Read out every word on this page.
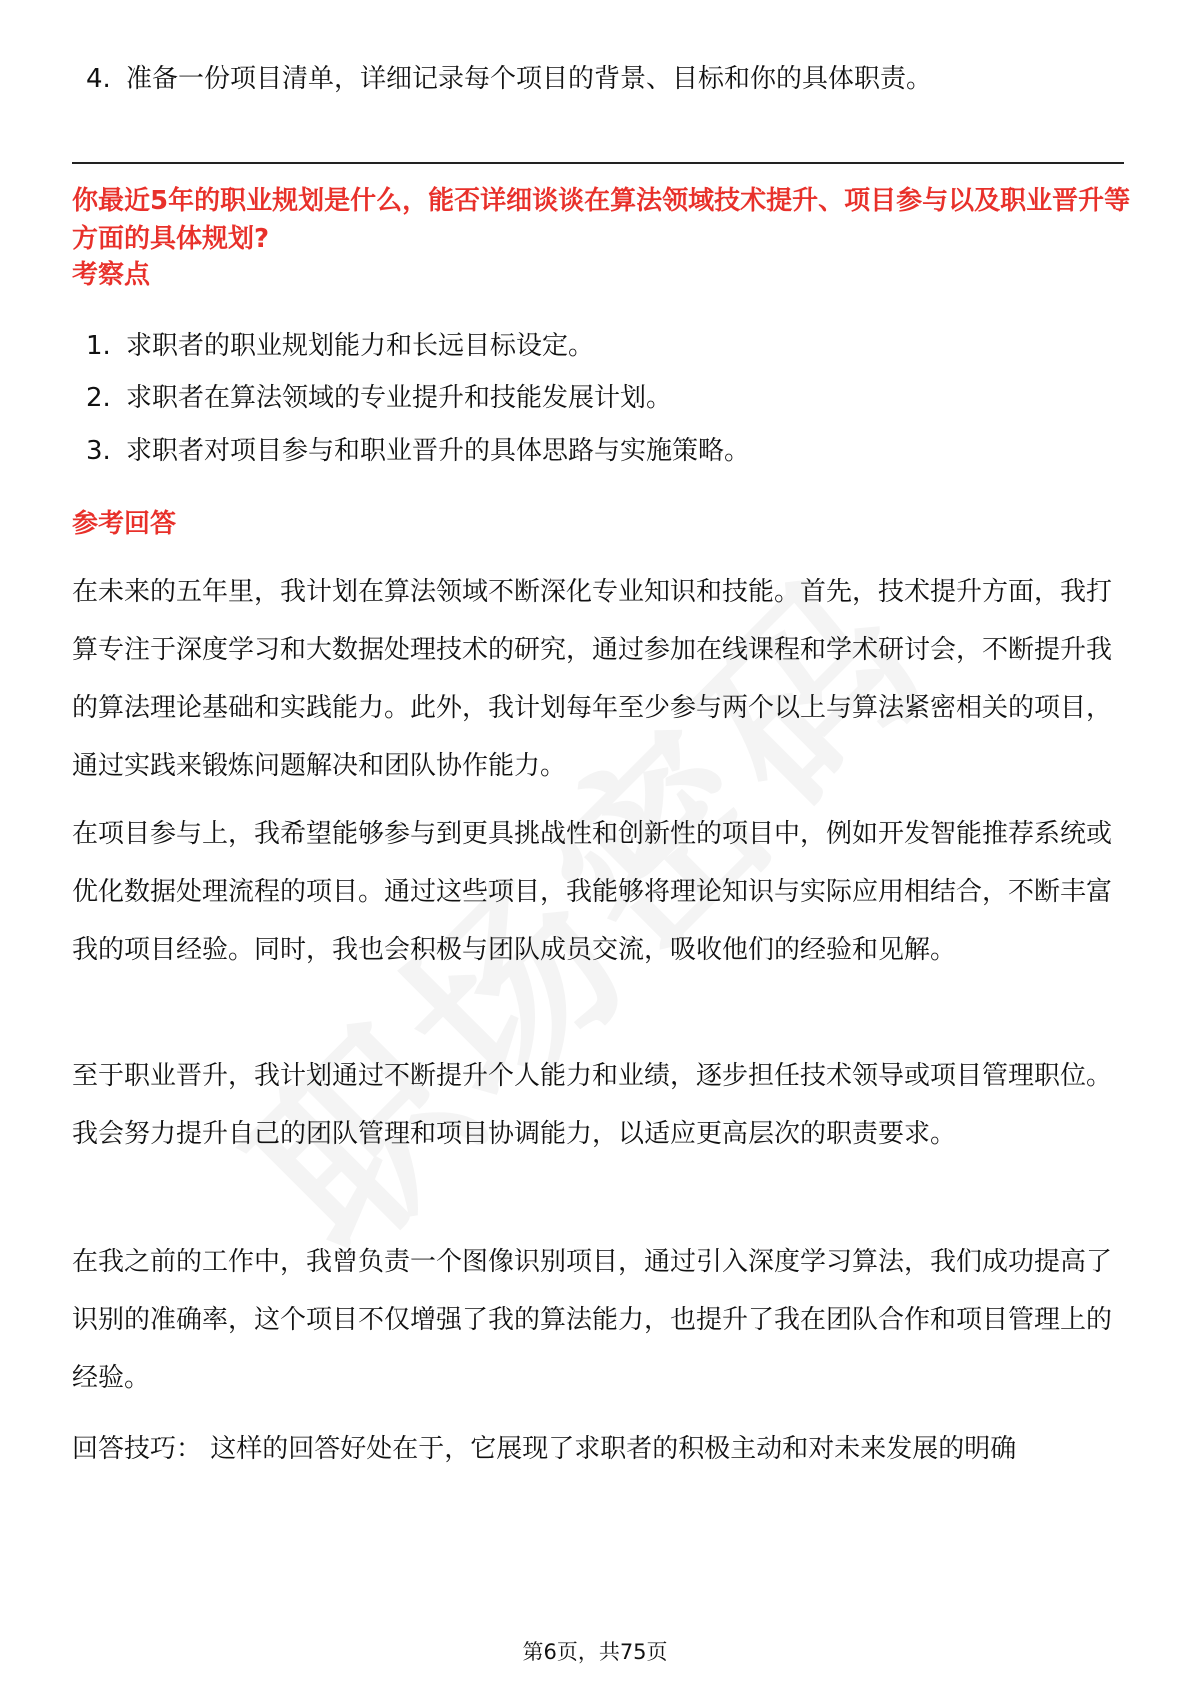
4. 准备一份项目清单，详细记录每个项目的背景、目标和你的具体职责。
你最近5年的职业规划是什么，能否详细谈谈在算法领域技术提升、项目参与以及职业晋升等方面的具体规划?
考察点
1. 求职者的职业规划能力和长远目标设定。
2. 求职者在算法领域的专业提升和技能发展计划。
3. 求职者对项目参与和职业晋升的具体思路与实施策略。
参考回答

在未来的五年里，我计划在算法领域不断深化专业知识和技能。首先，技术提升方面，我打算专注于深度学习和大数据处理技术的研究，通过参加在线课程和学术研讨会，不断提升我的算法理论基础和实践能力。此外，我计划每年至少参与两个以上与算法紧密相关的项目，通过实践来锻炼问题解决和团队协作能力。

在项目参与上，我希望能够参与到更具挑战性和创新性的项目中，例如开发智能推荐系统或优化数据处理流程的项目。通过这些项目，我能够将理论知识与实际应用相结合，不断丰富我的项目经验。同时，我也会积极与团队成员交流，吸收他们的经验和见解。

至于职业晋升，我计划通过不断提升个人能力和业绩，逐步担任技术领导或项目管理职位。我会努力提升自己的团队管理和项目协调能力，以适应更高层次的职责要求。

在我之前的工作中，我曾负责一个图像识别项目，通过引入深度学习算法，我们成功提高了识别的准确率，这个项目不仅增强了我的算法能力，也提升了我在团队合作和项目管理上的经验。

回答技巧： 这样的回答好处在于，它展现了求职者的积极主动和对未来发展的明确

第6页，共75页
